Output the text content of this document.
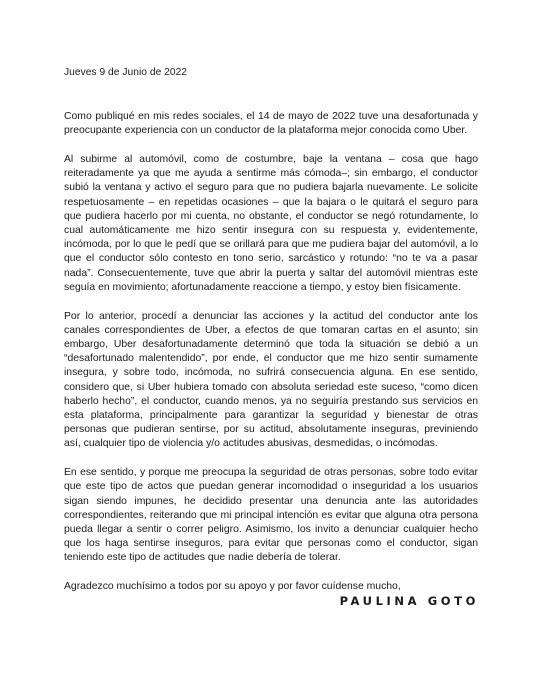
Jueves 9 de Junio de 2022

Como publiqué en mis redes sociales, el 14 de mayo de 2022 tuve una desafortunada y preocupante experiencia con un conductor de la plataforma mejor conocida como Uber.

Al subirme al automóvil, como de costumbre, baje la ventana – cosa que hago reiteradamente ya que me ayuda a sentirme más cómoda–; sin embargo, el conductor subió la ventana y activo el seguro para que no pudiera bajarla nuevamente. Le solicite respetuosamente – en repetidas ocasiones – que la bajara o le quitará el seguro para que pudiera hacerlo por mi cuenta, no obstante, el conductor se negó rotundamente, lo cual automáticamente me hizo sentir insegura con su respuesta y, evidentemente, incómoda, por lo que le pedí que se orillará para que me pudiera bajar del automóvil, a lo que el conductor sólo contesto en tono serio, sarcástico y rotundo: “no te va a pasar nada”. Consecuentemente, tuve que abrir la puerta y saltar del automóvil mientras este seguía en movimiento; afortunadamente reaccione a tiempo, y estoy bien físicamente.

Por lo anterior, procedí a denunciar las acciones y la actitud del conductor ante los canales correspondientes de Uber, a efectos de que tomaran cartas en el asunto; sin embargo, Uber desafortunadamente determinó que toda la situación se debió a un “desafortunado malentendido”, por ende, el conductor que me hizo sentir sumamente insegura, y sobre todo, incómoda, no sufrirá consecuencia alguna. En ese sentido, considero que, si Uber hubiera tomado con absoluta seriedad este suceso, “como dicen haberlo hecho”, el conductor, cuando menos, ya no seguiría prestando sus servicios en esta plataforma, principalmente para garantizar la seguridad y bienestar de otras personas que pudieran sentirse, por su actitud, absolutamente inseguras, previniendo así, cualquier tipo de violencia y/o actitudes abusivas, desmedidas, o incómodas.

En ese sentido, y porque me preocupa la seguridad de otras personas, sobre todo evitar que este tipo de actos que puedan generar incomodidad o inseguridad a los usuarios sigan siendo impunes, he decidido presentar una denuncia ante las autoridades correspondientes, reiterando que mi principal intención es evitar que alguna otra persona pueda llegar a sentir o correr peligro. Asimismo, los invito a denunciar cualquier hecho que los haga sentirse inseguros, para evitar que personas como el conductor, sigan teniendo este tipo de actitudes que nadie debería de tolerar.

Agradezco muchísimo a todos por su apoyo y por favor cuídense mucho,

PAULINA GOTO
